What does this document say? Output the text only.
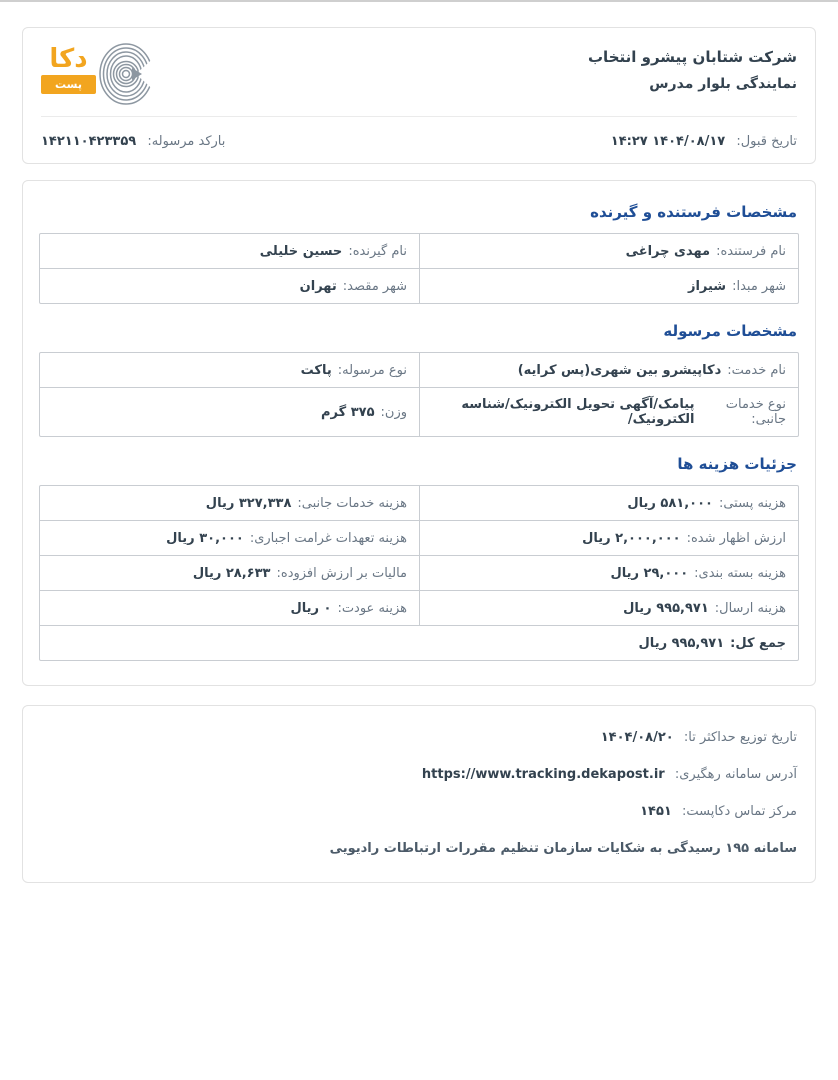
شرکت شتابان پیشرو انتخاب
نمایندگی بلوار مدرس
دکا
پست
تاریخ قبول: ۱۴۰۴/۰۸/۱۷ ۱۴:۲۷
بارکد مرسوله: ۱۴۲۱۱۰۴۲۳۳۵۹
مشخصات فرستنده و گیرنده
نام فرستنده:
مهدی چراغی
نام گیرنده:
حسین خلیلی
شهر مبدا:
شیراز
شهر مقصد:
تهران
مشخصات مرسوله
نام خدمت:
دکاپیشرو بین شهری(پس کرایه)
نوع مرسوله:
پاکت
نوع خدمات جانبی:
پیامک/آگهی تحویل الکترونیک/شناسه الکترونیک/
وزن:
۳۷۵ گرم
جزئیات هزینه ها
هزینه پستی:
۵۸۱,۰۰۰ ریال
هزینه خدمات جانبی:
۳۲۷,۳۳۸ ریال
ارزش اظهار شده:
۲,۰۰۰,۰۰۰ ریال
هزینه تعهدات غرامت اجباری:
۳۰,۰۰۰ ریال
هزینه بسته بندی:
۲۹,۰۰۰ ریال
مالیات بر ارزش افزوده:
۲۸,۶۳۳ ریال
هزینه ارسال:
۹۹۵,۹۷۱ ریال
هزینه عودت:
۰ ریال
جمع کل:
۹۹۵,۹۷۱ ریال
تاریخ توزیع حداکثر تا: ۱۴۰۴/۰۸/۲۰
آدرس سامانه رهگیری: https://www.tracking.dekapost.ir
مرکز تماس دکاپست: ۱۴۵۱
سامانه ۱۹۵ رسیدگی به شکایات سازمان تنظیم مقررات ارتباطات رادیویی
